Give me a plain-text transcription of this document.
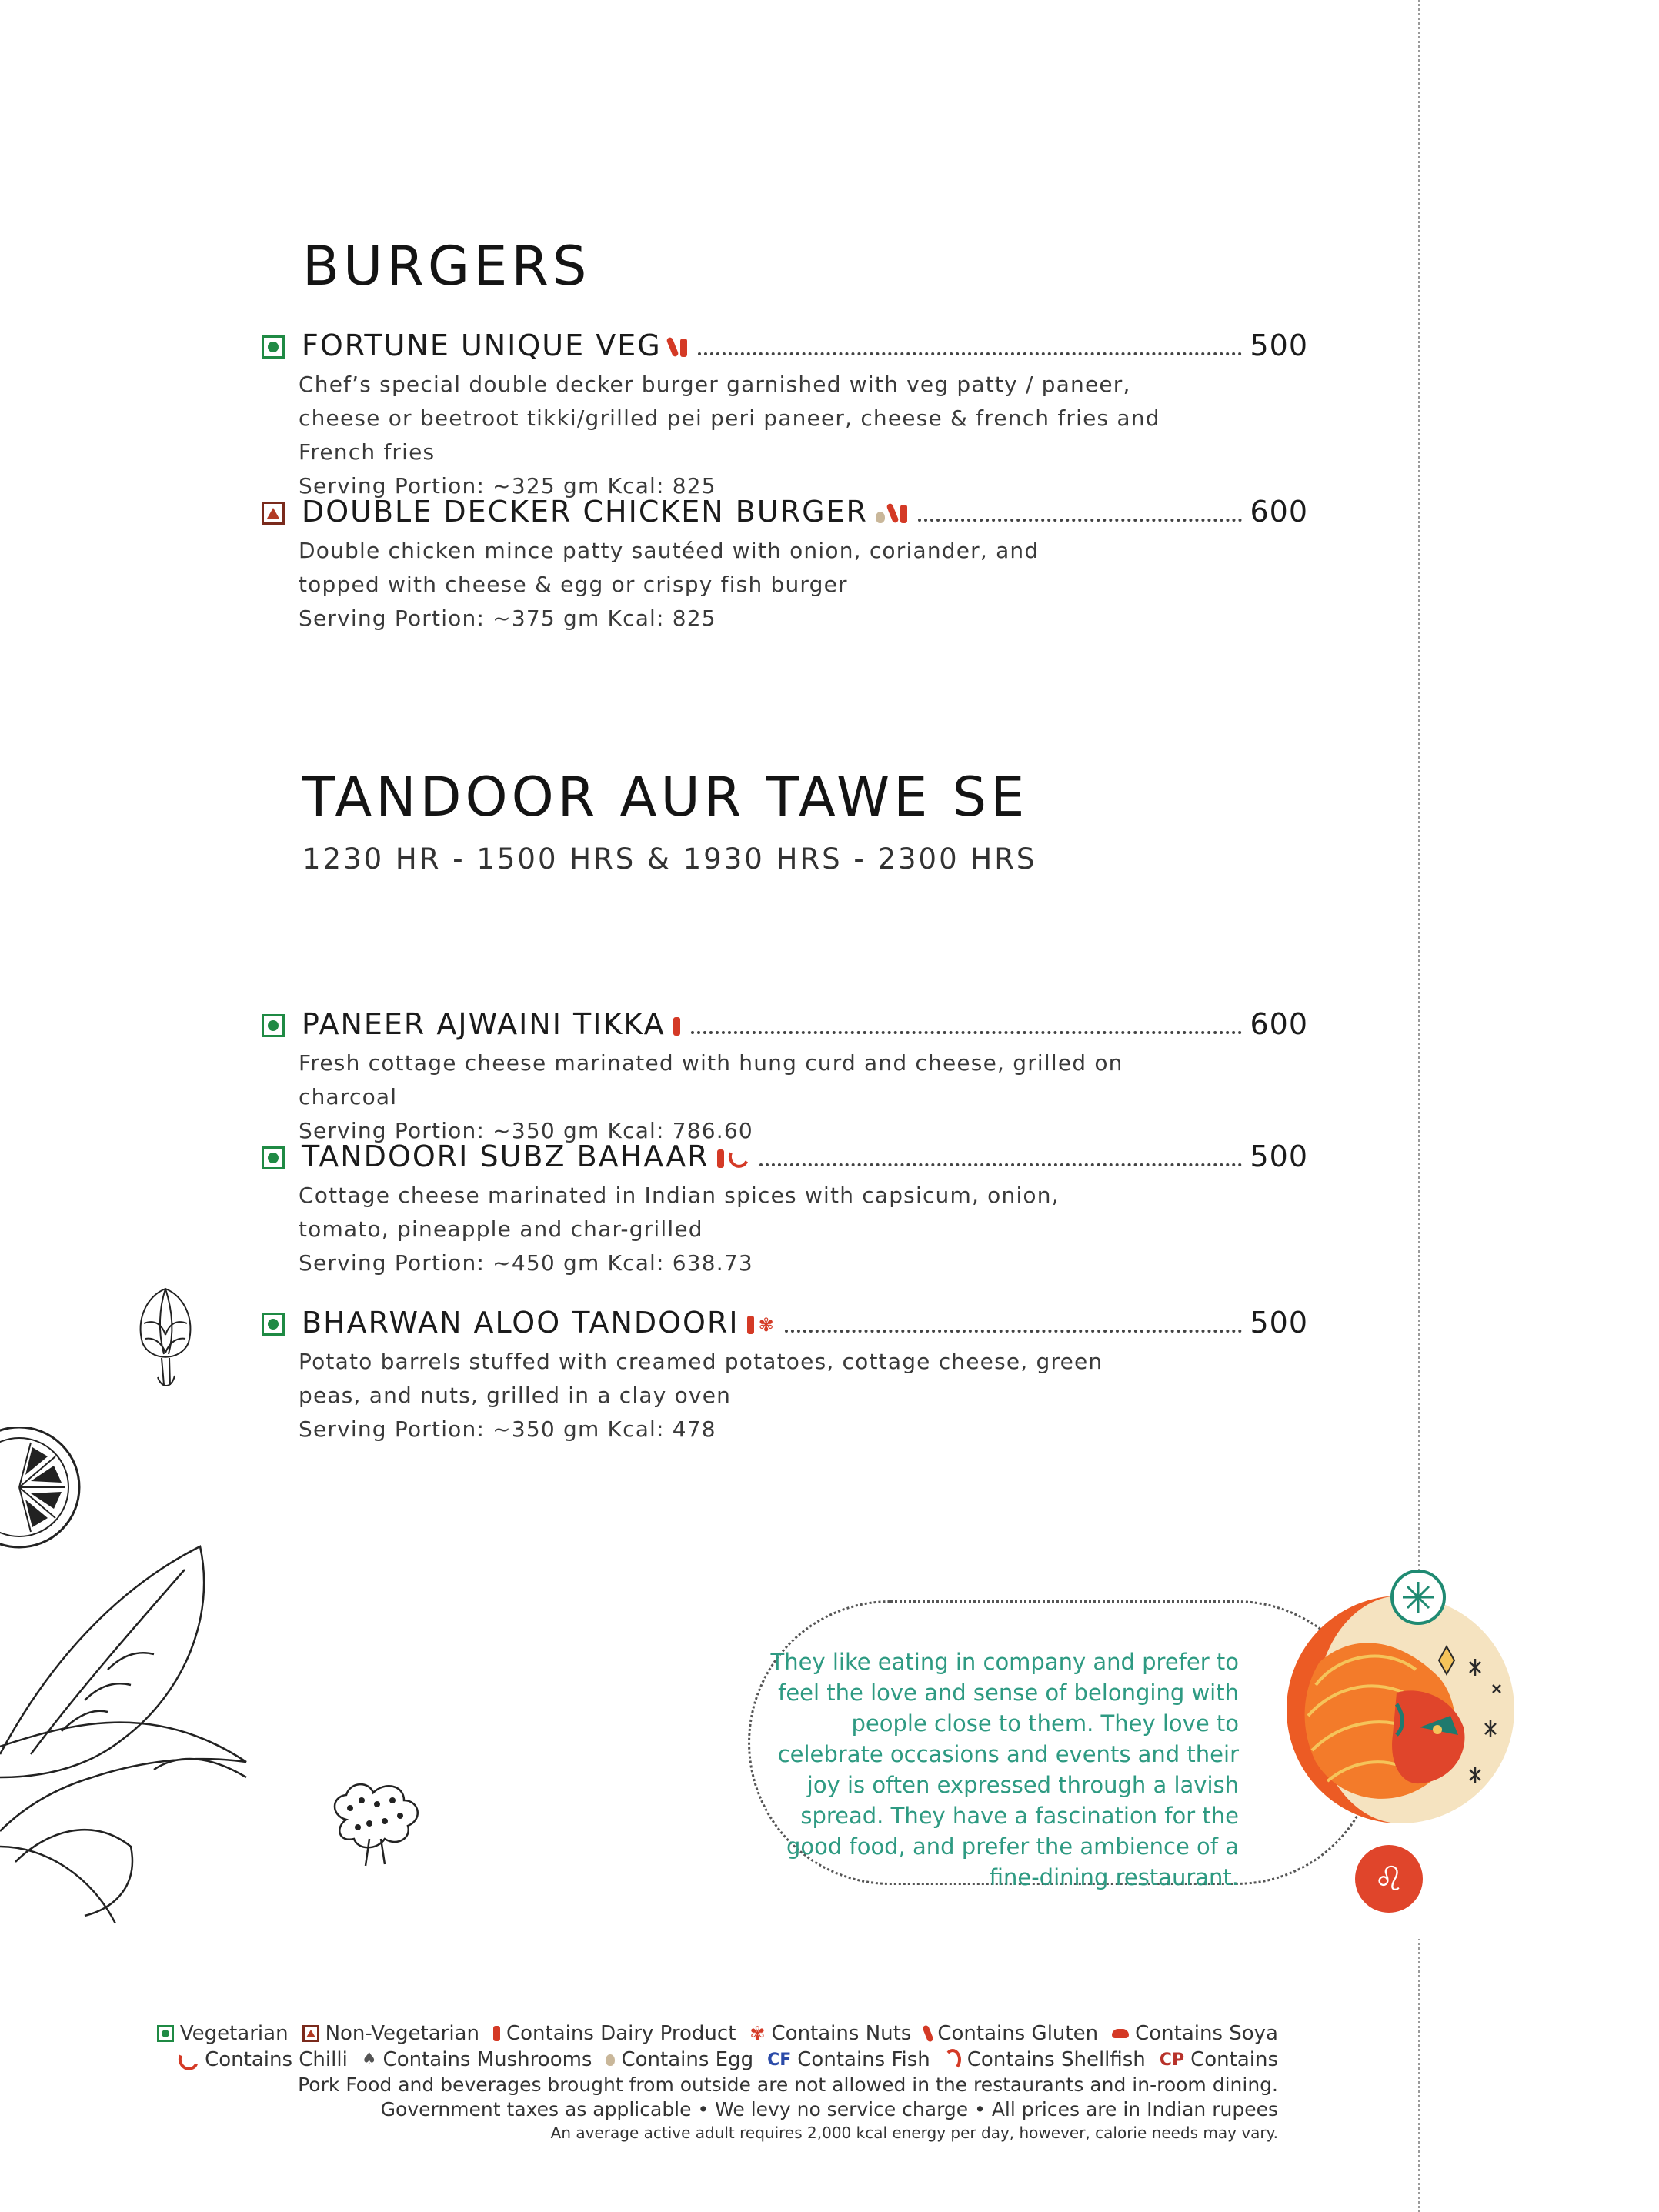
BURGERS
FORTUNE UNIQUE VEG	500
Chef’s special double decker burger garnished with veg patty / paneer, cheese or beetroot tikki/grilled pei peri paneer, cheese & french fries and French fries
Serving Portion: ~325 gm Kcal: 825
DOUBLE DECKER CHICKEN BURGER	600
Double chicken mince patty sautéed with onion, coriander, and topped with cheese & egg or crispy fish burger
Serving Portion: ~375 gm Kcal: 825
TANDOOR AUR TAWE SE
1230 HR - 1500 HRS & 1930 HRS - 2300 HRS
PANEER AJWAINI TIKKA	600
Fresh cottage cheese marinated with hung curd and cheese, grilled on charcoal
Serving Portion: ~350 gm Kcal: 786.60
TANDOORI SUBZ BAHAAR	500
Cottage cheese marinated in Indian spices with capsicum, onion, tomato, pineapple and char-grilled
Serving Portion: ~450 gm Kcal: 638.73
BHARWAN ALOO TANDOORI ✾	500
Potato barrels stuffed with creamed potatoes, cottage cheese, green peas, and nuts, grilled in a clay oven
Serving Portion: ~350 gm Kcal: 478
They like eating in company and prefer to feel the love and sense of belonging with people close to them. They love to celebrate occasions and events and their joy is often expressed through a lavish spread. They have a fascination for the good food, and prefer the ambience of a fine-dining restaurant.	♌
Vegetarian Non-Vegetarian Contains Dairy Product ✾ Contains Nuts Contains Gluten Contains Soya
Contains Chilli ♠ Contains Mushrooms Contains Egg CF Contains Fish Contains Shellfish CP Contains
Pork Food and beverages brought from outside are not allowed in the restaurants and in-room dining.
Government taxes as applicable • We levy no service charge • All prices are in Indian rupees
An average active adult requires 2,000 kcal energy per day, however, calorie needs may vary.
